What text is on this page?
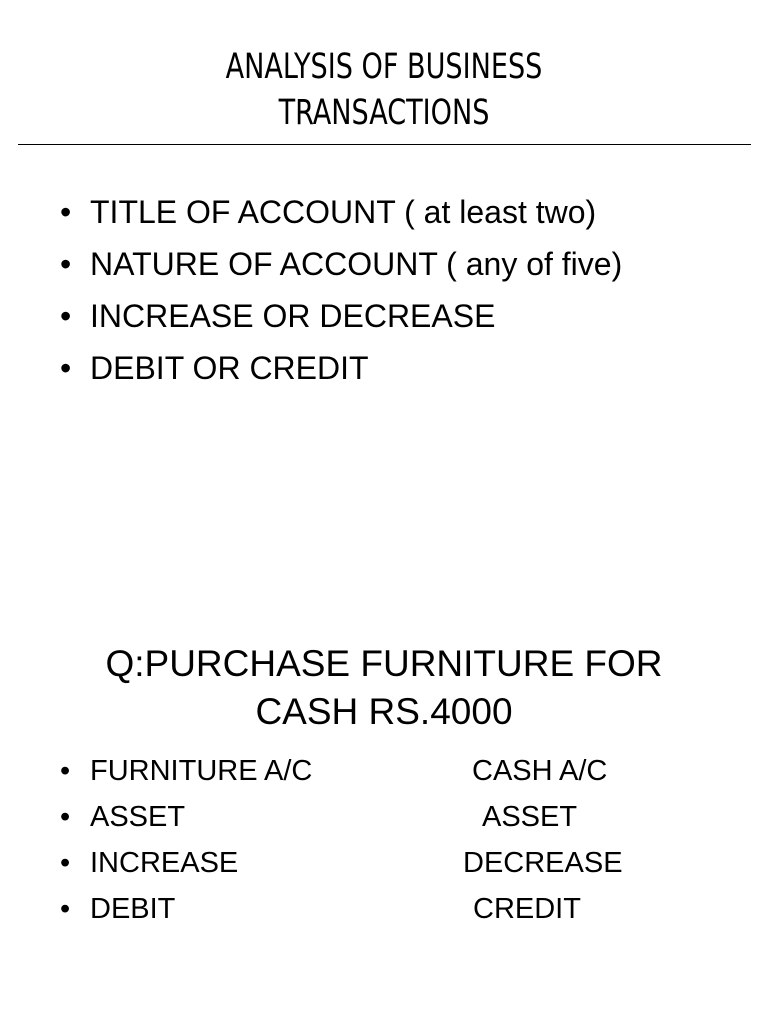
ANALYSIS OF BUSINESS
TRANSACTIONS
• TITLE OF ACCOUNT ( at least two)
• NATURE OF ACCOUNT ( any of five)
• INCREASE OR DECREASE
• DEBIT OR CREDIT
Q:PURCHASE FURNITURE FOR
CASH RS.4000
• FURNITURE A/C	CASH A/C
• ASSET	ASSET
• INCREASE	DECREASE
• DEBIT	CREDIT
